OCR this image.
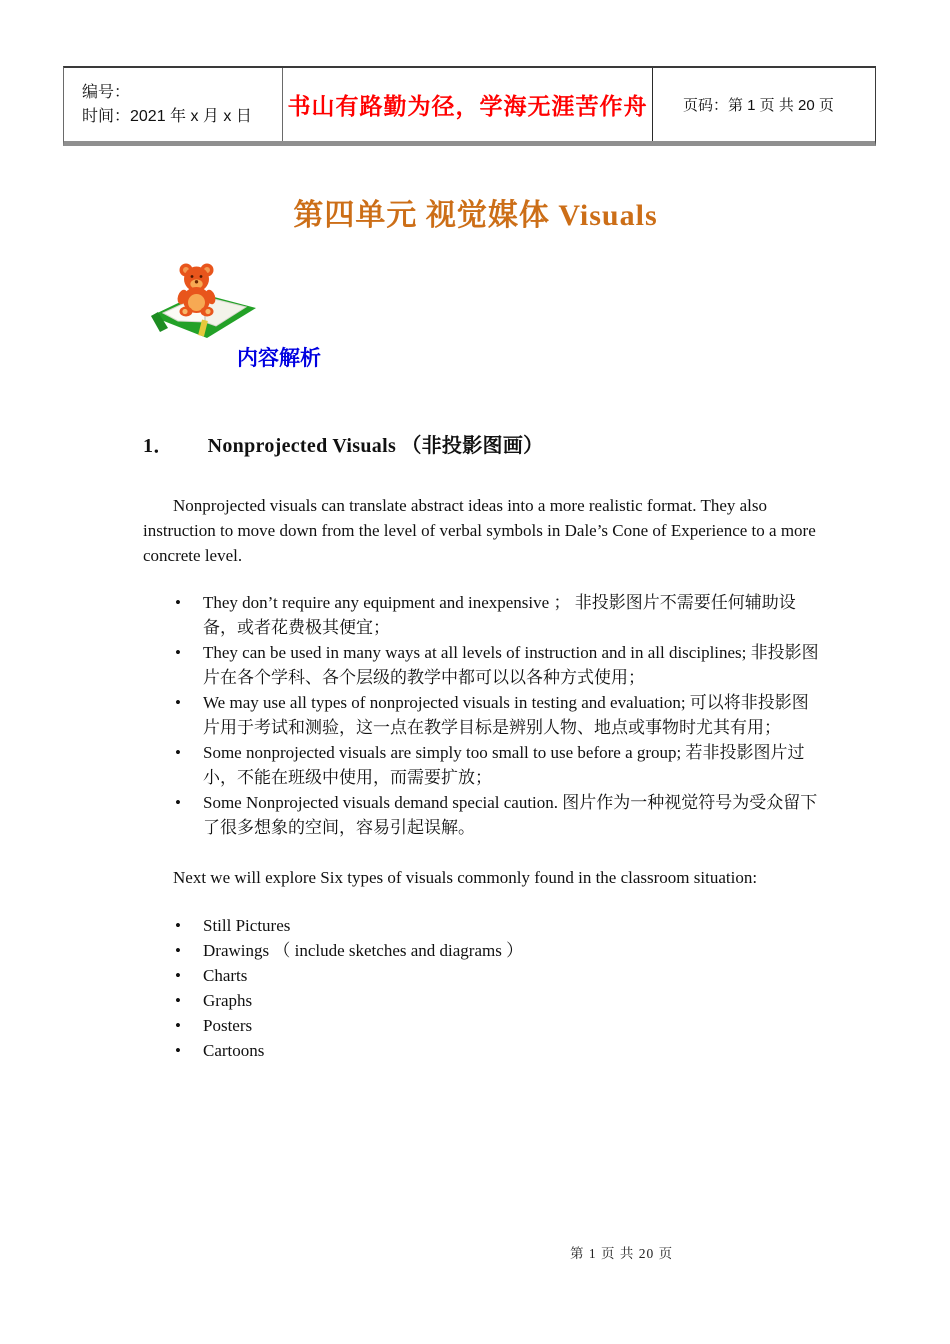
编号：
时间：2021 年 x 月 x 日	书山有路勤为径，学海无涯苦作舟 页码：第 1 页 共 20 页
第四单元 视觉媒体 Visuals
内容解析
1． Nonprojected Visuals （非投影图画）

Nonprojected visuals can translate abstract ideas into a more realistic format. They also instruction to move down from the level of verbal symbols in Dale’s Cone of Experience to a more concrete level.

• They don’t require any equipment and inexpensive ； 非投影图片不需要任何辅助设备，或者花费极其便宜；
• They can be used in many ways at all levels of instruction and in all disciplines; 非投影图片在各个学科、各个层级的教学中都可以以各种方式使用；
• We may use all types of nonprojected visuals in testing and evaluation; 可以将非投影图片用于考试和测验，这一点在教学目标是辨别人物、地点或事物时尤其有用；
• Some nonprojected visuals are simply too small to use before a group; 若非投影图片过小，不能在班级中使用，而需要扩放；
• Some Nonprojected visuals demand special caution. 图片作为一种视觉符号为受众留下了很多想象的空间，容易引起误解。

Next we will explore Six types of visuals commonly found in the classroom situation:

• Still Pictures
• Drawings （ include sketches and diagrams ）
• Charts
• Graphs
• Posters
• Cartoons
第 1 页 共 20 页
